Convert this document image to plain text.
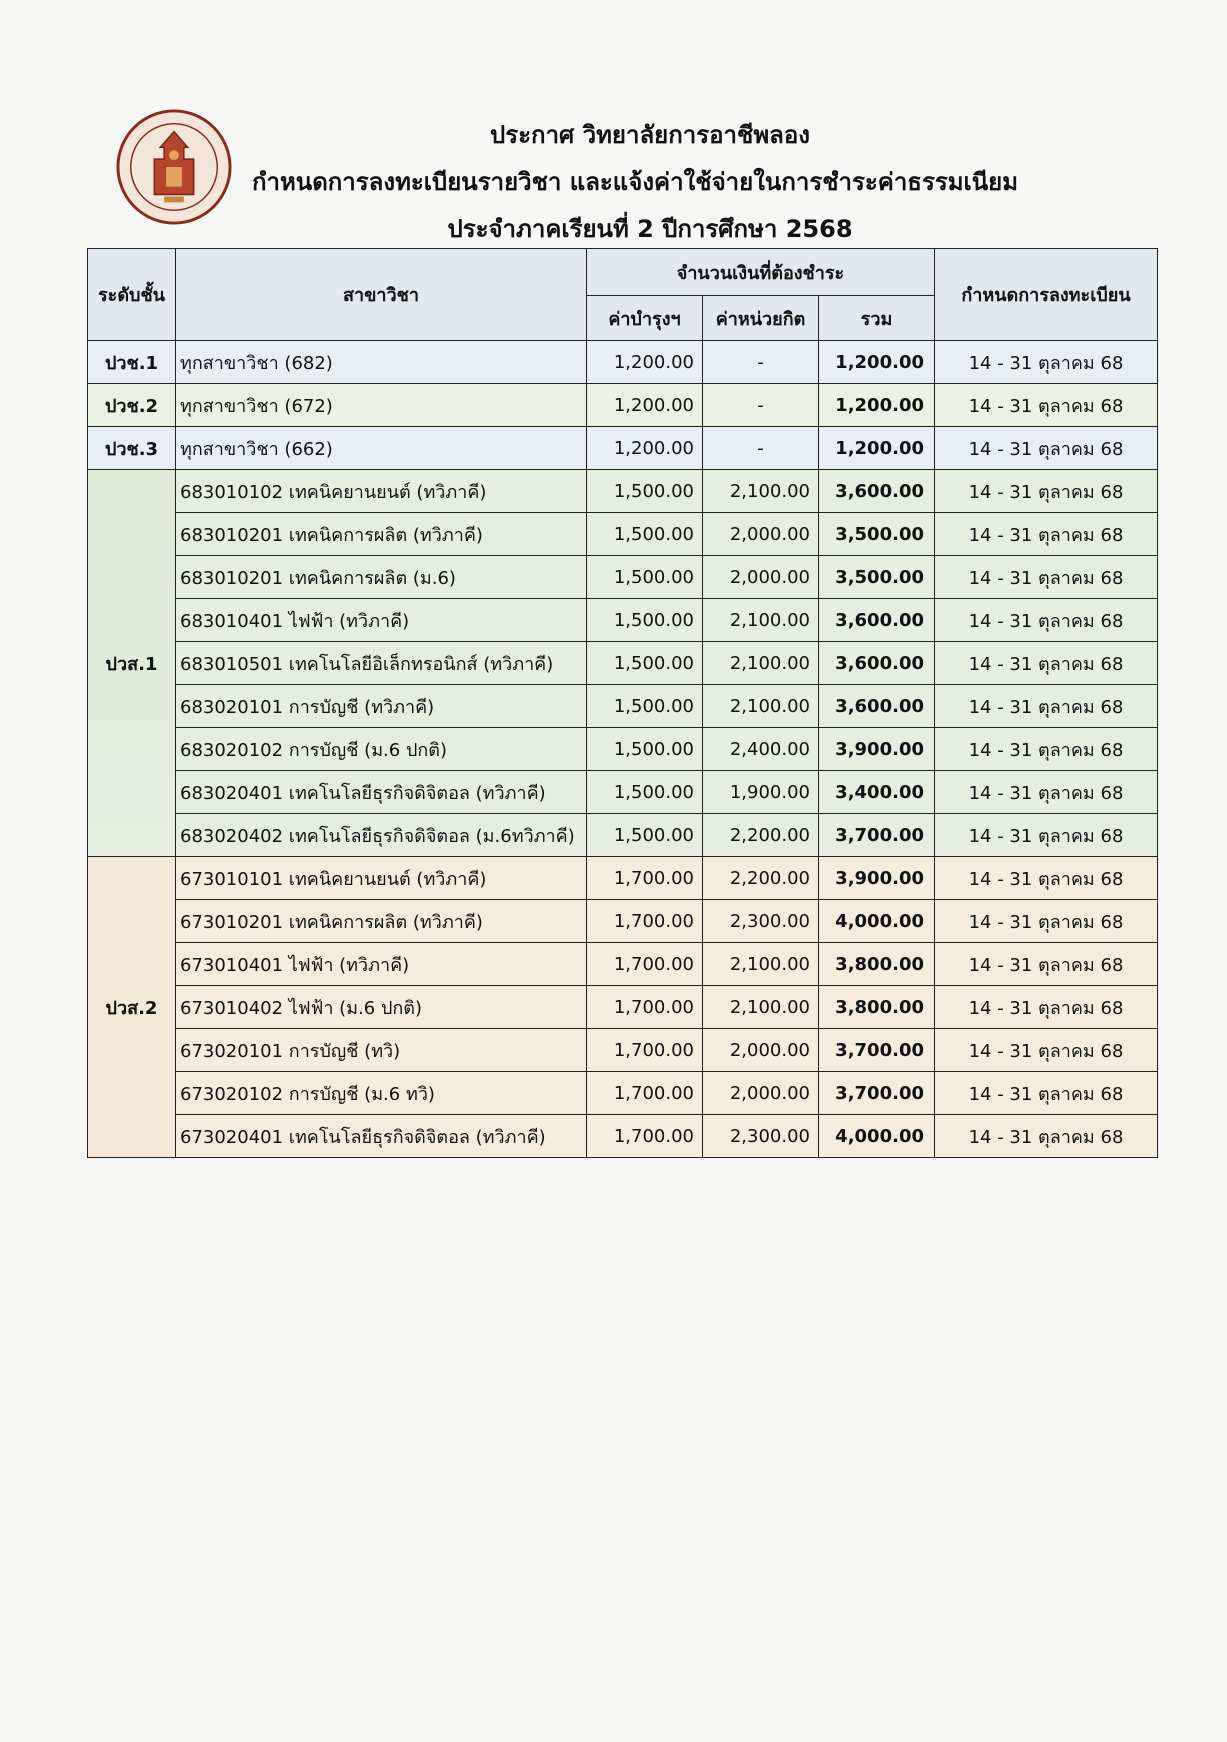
ประกาศ วิทยาลัยการอาชีพลอง
กำหนดการลงทะเบียนรายวิชา และแจ้งค่าใช้จ่ายในการชำระค่าธรรมเนียม
ประจำภาคเรียนที่ 2 ปีการศึกษา 2568
ระดับชั้น	สาขาวิชา	จำนวนเงินที่ต้องชำระ			กำหนดการลงทะเบียน
		ค่าบำรุงฯ	ค่าหน่วยกิต	รวม	
ปวช.1	ทุกสาขาวิชา (682)	1,200.00	-	1,200.00	14 - 31 ตุลาคม 68
ปวช.2	ทุกสาขาวิชา (672)	1,200.00	-	1,200.00	14 - 31 ตุลาคม 68
ปวช.3	ทุกสาขาวิชา (662)	1,200.00	-	1,200.00	14 - 31 ตุลาคม 68
ปวส.1	683010102 เทคนิคยานยนต์ (ทวิภาคี)	1,500.00	2,100.00	3,600.00	14 - 31 ตุลาคม 68
	683010201 เทคนิคการผลิต (ทวิภาคี)	1,500.00	2,000.00	3,500.00	14 - 31 ตุลาคม 68
	683010201 เทคนิคการผลิต (ม.6)	1,500.00	2,000.00	3,500.00	14 - 31 ตุลาคม 68
	683010401 ไฟฟ้า (ทวิภาคี)	1,500.00	2,100.00	3,600.00	14 - 31 ตุลาคม 68
	683010501 เทคโนโลยีอิเล็กทรอนิกส์ (ทวิภาคี)	1,500.00	2,100.00	3,600.00	14 - 31 ตุลาคม 68
	683020101 การบัญชี (ทวิภาคี)	1,500.00	2,100.00	3,600.00	14 - 31 ตุลาคม 68
	683020102 การบัญชี (ม.6 ปกติ)	1,500.00	2,400.00	3,900.00	14 - 31 ตุลาคม 68
	683020401 เทคโนโลยีธุรกิจดิจิตอล (ทวิภาคี)	1,500.00	1,900.00	3,400.00	14 - 31 ตุลาคม 68
	683020402 เทคโนโลยีธุรกิจดิจิตอล (ม.6ทวิภาคี)	1,500.00	2,200.00	3,700.00	14 - 31 ตุลาคม 68
ปวส.2	673010101 เทคนิคยานยนต์ (ทวิภาคี)	1,700.00	2,200.00	3,900.00	14 - 31 ตุลาคม 68
	673010201 เทคนิคการผลิต (ทวิภาคี)	1,700.00	2,300.00	4,000.00	14 - 31 ตุลาคม 68
	673010401 ไฟฟ้า (ทวิภาคี)	1,700.00	2,100.00	3,800.00	14 - 31 ตุลาคม 68
	673010402 ไฟฟ้า (ม.6 ปกติ)	1,700.00	2,100.00	3,800.00	14 - 31 ตุลาคม 68
	673020101 การบัญชี (ทวิ)	1,700.00	2,000.00	3,700.00	14 - 31 ตุลาคม 68
	673020102 การบัญชี (ม.6 ทวิ)	1,700.00	2,000.00	3,700.00	14 - 31 ตุลาคม 68
	673020401 เทคโนโลยีธุรกิจดิจิตอล (ทวิภาคี)	1,700.00	2,300.00	4,000.00	14 - 31 ตุลาคม 68
